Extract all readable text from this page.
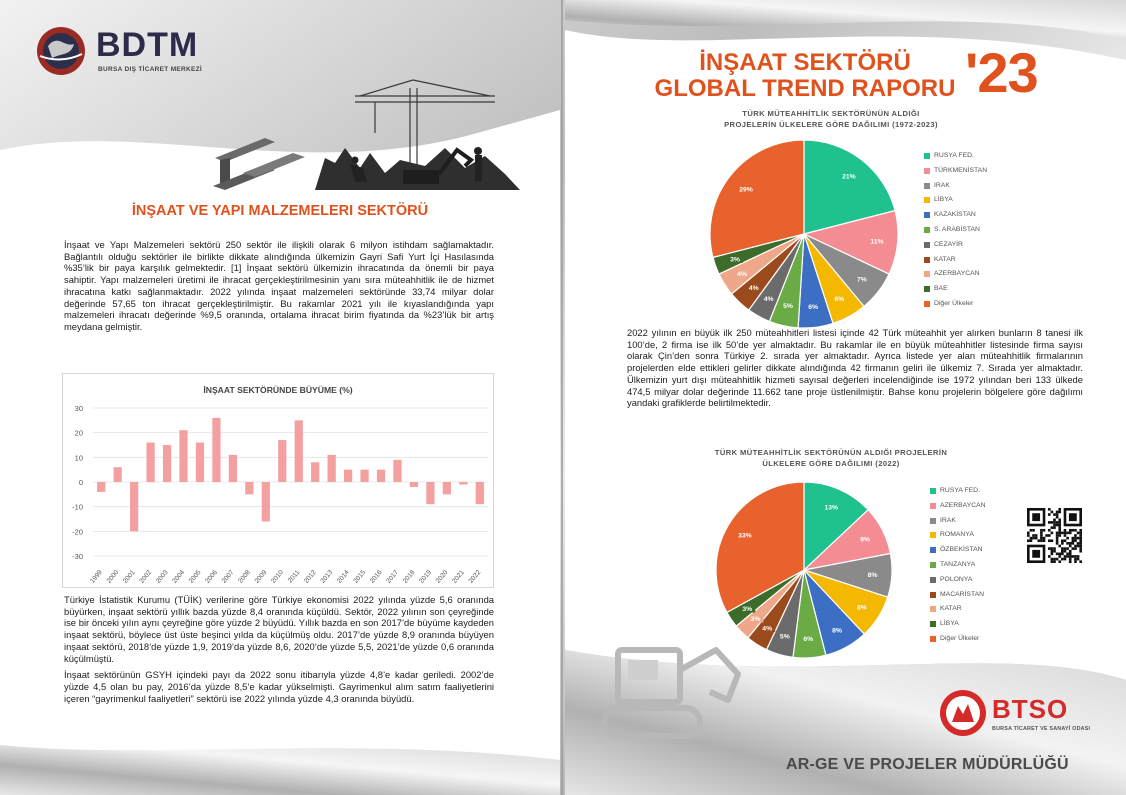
BDTM
BURSA DIŞ TİCARET MERKEZİ
İNŞAAT VE YAPI MALZEMELERI SEKTÖRÜ

İnşaat ve Yapı Malzemeleri sektörü 250 sektör ile ilişkili olarak 6 milyon istihdam sağlamaktadır. Bağlantılı olduğu sektörler ile birlikte dikkate alındığında ülkemizin Gayri Safi Yurt İçi Hasılasında %35’lik bir paya karşılık gelmektedir. [1] İnşaat sektörü ülkemizin ihracatında da önemli bir paya sahiptir. Yapı malzemeleri üretimi ile ihracat gerçekleştirilmesinin yanı sıra müteahhitlik ile de hizmet ihracatına katkı sağlanmaktadır. 2022 yılında inşaat malzemeleri sektöründe 33,74 milyar dolar değerinde 57,65 ton ihracat gerçekleştirilmiştir. Bu rakamlar 2021 yılı ile kıyaslandığında yapı malzemeleri ihracatı değerinde %9,5 oranında, ortalama ihracat birim fiyatında da %23’lük bir artış meydana gelmiştir.

İNŞAAT SEKTÖRÜNDE BÜYÜME (%)
30
20
10
0
-10
-20
-30
1999 2000 2001 2002 2003 2004 2005 2006 2007 2008 2009 2010 2011 2012 2013 2014 2015 2016 2017 2018 2019 2020 2021 2022

Türkiye İstatistik Kurumu (TÜİK) verilerine göre Türkiye ekonomisi 2022 yılında yüzde 5,6 oranında büyürken, inşaat sektörü yıllık bazda yüzde 8,4 oranında küçüldü. Sektör, 2022 yılının son çeyreğinde ise bir önceki yılın aynı çeyreğine göre yüzde 2 büyüdü. Yıllık bazda en son 2017’de büyüme kaydeden inşaat sektörü, böylece üst üste beşinci yılda da küçülmüş oldu. 2017’de yüzde 8,9 oranında büyüyen inşaat sektörü, 2018’de yüzde 1,9, 2019’da yüzde 8,6, 2020’de yüzde 5,5, 2021’de yüzde 0,6 oranında küçülmüştü.

İnşaat sektörünün GSYH içindeki payı da 2022 sonu itibarıyla yüzde 4,8’e kadar geriledi. 2002’de yüzde 4,5 olan bu pay, 2016’da yüzde 8,5’e kadar yükselmişti. Gayrimenkul alım satım faaliyetlerini içeren “gayrimenkul faaliyetleri” sektörü ise 2022 yılında yüzde 4,3 oranında büyüdü.

İNŞAAT SEKTÖRÜ
GLOBAL TREND RAPORU '23
TÜRK MÜTEAHHİTLİK SEKTÖRÜNÜN ALDIĞI
PROJELERİN ÜLKELERE GÖRE DAĞILIMI (1972-2023)
21%
11%
7%
6%
6%
5%
4%
4%
4%
3%
29%
RUSYA FED.
TÜRKMENİSTAN
IRAK
LİBYA
KAZAKİSTAN
S. ARABİSTAN
CEZAYİR
KATAR
AZERBAYCAN
BAE
Diğer Ülkeler

2022 yılının en büyük ilk 250 müteahhitleri listesi içinde 42 Türk müteahhit yer alırken bunların 8 tanesi ilk 100’de, 2 firma ise ilk 50’de yer almaktadır. Bu rakamlar ile en büyük müteahhitler listesinde firma sayısı olarak Çin’den sonra Türkiye 2. sırada yer almaktadır. Ayrıca listede yer alan müteahhitlik firmalarının projelerden elde ettikleri gelirler dikkate alındığında 42 firmanın geliri ile ülkemiz 7. Sırada yer almaktadır. Ülkemizin yurt dışı müteahhitlik hizmeti sayısal değerleri incelendiğinde ise 1972 yılından beri 133 ülkede 474,5 milyar dolar değerinde 11.662 tane proje üstlenilmiştir. Bahse konu projelerin bölgelere göre dağılımı yandaki grafiklerde belirtilmektedir.

TÜRK MÜTEAHHİTLİK SEKTÖRÜNÜN ALDIĞI PROJELERİN
ÜLKELERE GÖRE DAĞILIMI (2022)
13%
9%
8%
8%
8%
6%
5%
4%
3%
3%
33%
RUSYA FED.
AZERBAYCAN
IRAK
ROMANYA
ÖZBEKİSTAN
TANZANYA
POLONYA
MACARİSTAN
KATAR
LİBYA
Diğer Ülkeler
BTSO
BURSA TİCARET VE SANAYİ ODASI
AR-GE VE PROJELER MÜDÜRLÜĞÜ
